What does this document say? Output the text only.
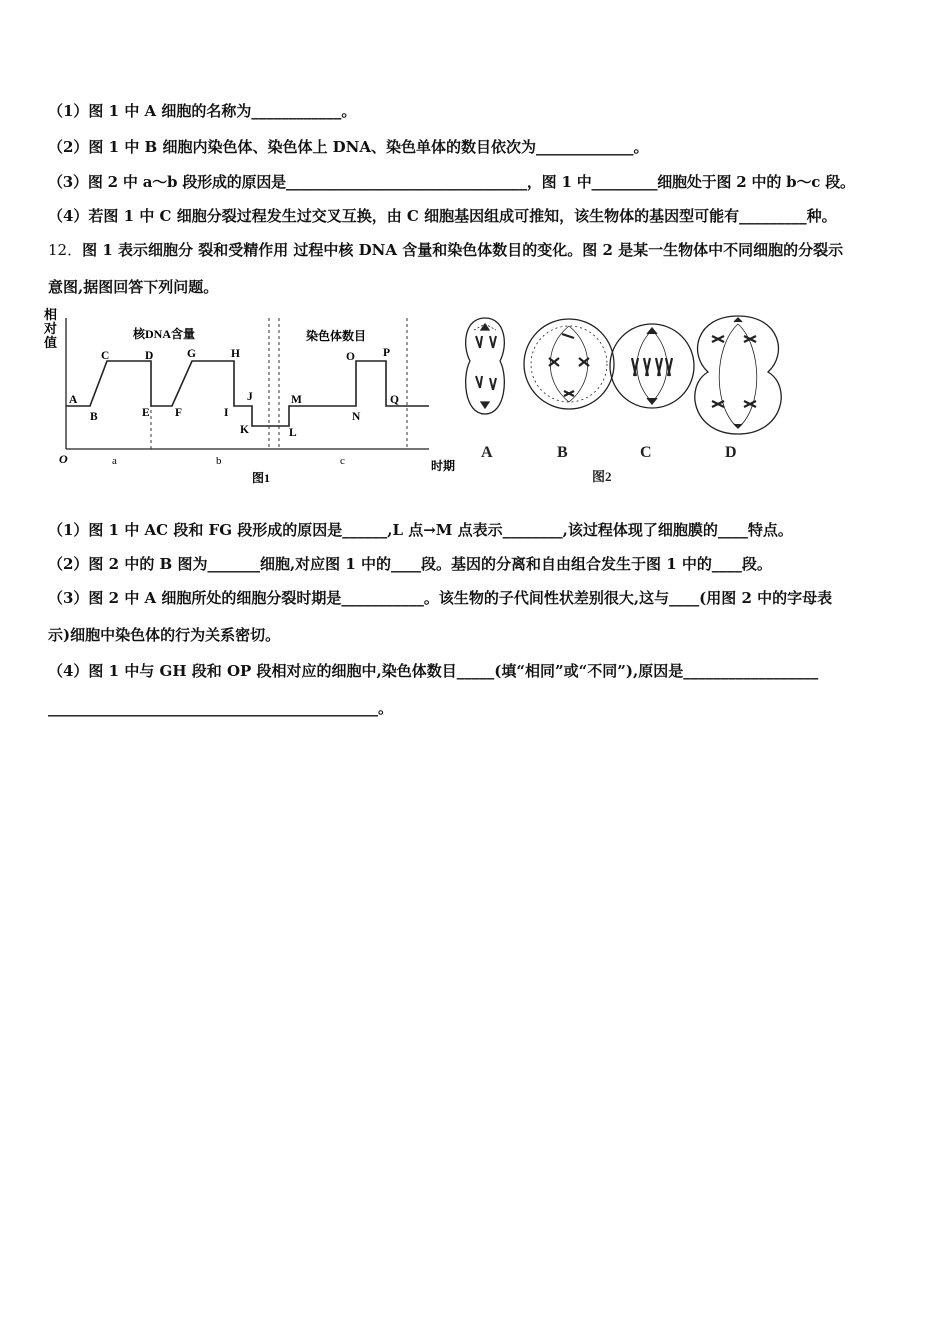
（1）图 1 中 A 细胞的名称为____________。
（2）图 1 中 B 细胞内染色体、染色体上 DNA、染色单体的数目依次为_____________。
（3）图 2 中 a～b 段形成的原因是_________________________________，图 1 中_________细胞处于图 2 中的 b～c 段。
（4）若图 1 中 C 细胞分裂过程发生过交叉互换，由 C 细胞基因组成可推知，该生物体的基因型可能有_________种。
12．图 1 表示细胞分 裂和受精作用 过程中核 DNA 含量和染色体数目的变化。图 2 是某一生物体中不同细胞的分裂示
意图,据图回答下列问题。
相
对
值
O	时期
a	b	c
核DNA含量	染色体数目
A
B
C	D
E F
G	H
I
J
K	L
M
N
O P
Q
图1
A	B	C	D
图2
（1）图 1 中 AC 段和 FG 段形成的原因是______,L 点→M 点表示________,该过程体现了细胞膜的____特点。
（2）图 2 中的 B 图为_______细胞,对应图 1 中的____段。基因的分离和自由组合发生于图 1 中的____段。
（3）图 2 中 A 细胞所处的细胞分裂时期是___________。该生物的子代间性状差别很大,这与____(用图 2 中的字母表
示)细胞中染色体的行为关系密切。
（4）图 1 中与 GH 段和 OP 段相对应的细胞中,染色体数目_____(填“相同”或“不同”),原因是__________________
____________________________________________。
